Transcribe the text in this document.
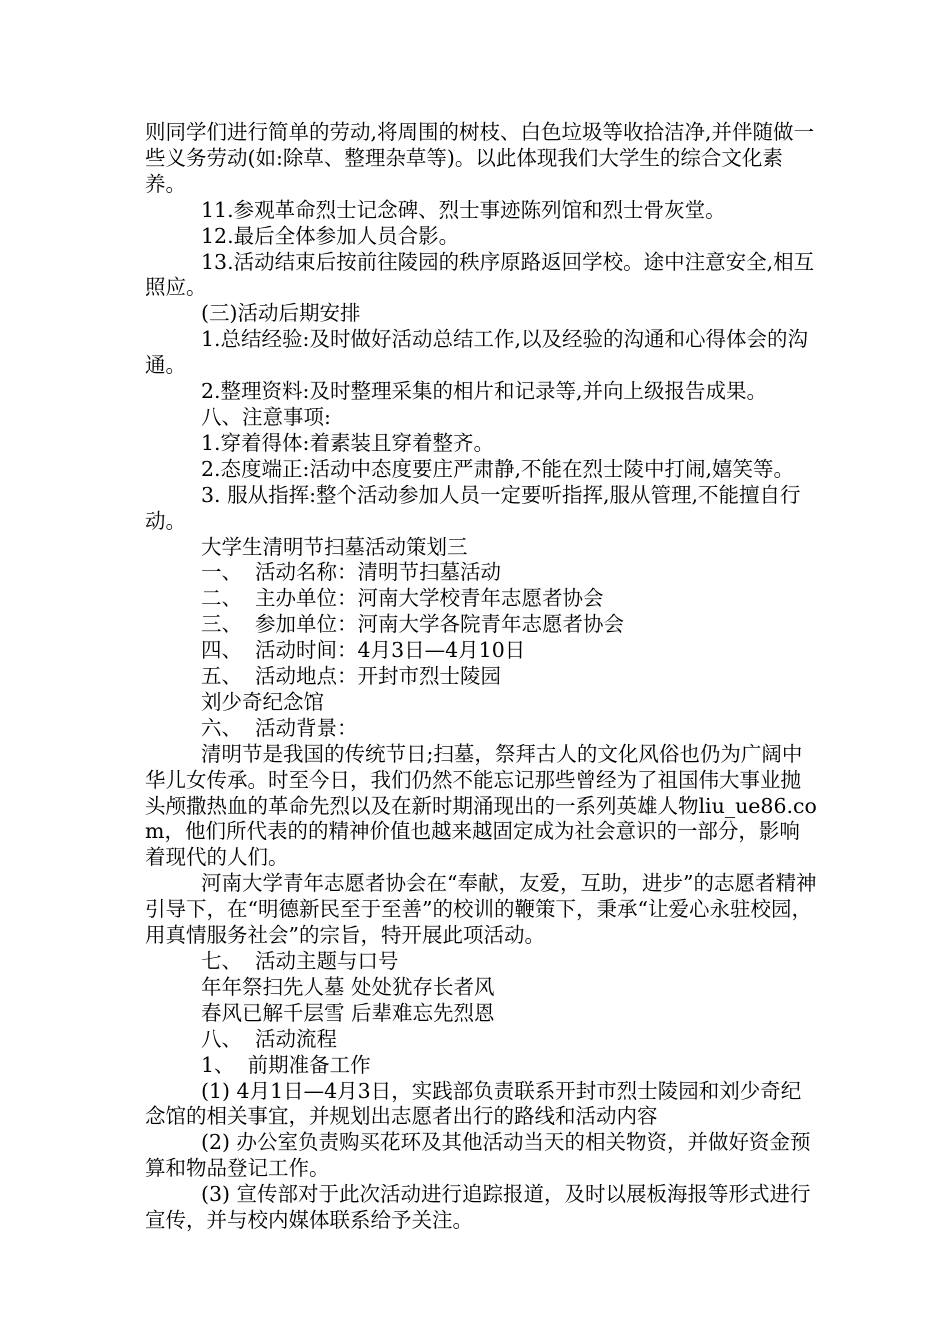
则同学们进行简单的劳动,将周围的树枝、白色垃圾等收拾洁净,并伴随做一些义务劳动(如:除草、整理杂草等)。以此体现我们大学生的综合文化素养。

11.参观革命烈士记念碑、烈士事迹陈列馆和烈士骨灰堂。

12.最后全体参加人员合影。

13.活动结束后按前往陵园的秩序原路返回学校。途中注意安全,相互照应。

(三)活动后期安排

1.总结经验:及时做好活动总结工作,以及经验的沟通和心得体会的沟通。

2.整理资料:及时整理采集的相片和记录等,并向上级报告成果。

八、注意事项:

1.穿着得体:着素装且穿着整齐。

2.态度端正:活动中态度要庄严肃静,不能在烈士陵中打闹,嬉笑等。

3. 服从指挥:整个活动参加人员一定要听指挥,服从管理,不能擅自行动。

大学生清明节扫墓活动策划三

一、  活动名称：清明节扫墓活动

二、  主办单位：河南大学校青年志愿者协会

三、  参加单位：河南大学各院青年志愿者协会

四、  活动时间：4月3日—4月10日

五、  活动地点：开封市烈士陵园

刘少奇纪念馆

六、  活动背景：

清明节是我国的传统节日;扫墓，祭拜古人的文化风俗也仍为广阔中华儿女传承。时至今日，我们仍然不能忘记那些曾经为了祖国伟大事业抛头颅撒热血的革命先烈以及在新时期涌现出的一系列英雄人物liu_ue86.com，他们所代表的的精神价值也越来越固定成为社会意识的一部分，影响着现代的人们。

河南大学青年志愿者协会在“奉献，友爱，互助，进步”的志愿者精神引导下，在“明德新民至于至善”的校训的鞭策下，秉承“让爱心永驻校园，用真情服务社会”的宗旨，特开展此项活动。

七、  活动主题与口号

年年祭扫先人墓 处处犹存长者风

春风已解千层雪 后辈难忘先烈恩

八、  活动流程

1、  前期准备工作

(1) 4月1日—4月3日，实践部负责联系开封市烈士陵园和刘少奇纪念馆的相关事宜，并规划出志愿者出行的路线和活动内容

(2) 办公室负责购买花环及其他活动当天的相关物资，并做好资金预算和物品登记工作。

(3) 宣传部对于此次活动进行追踪报道，及时以展板海报等形式进行宣传，并与校内媒体联系给予关注。
